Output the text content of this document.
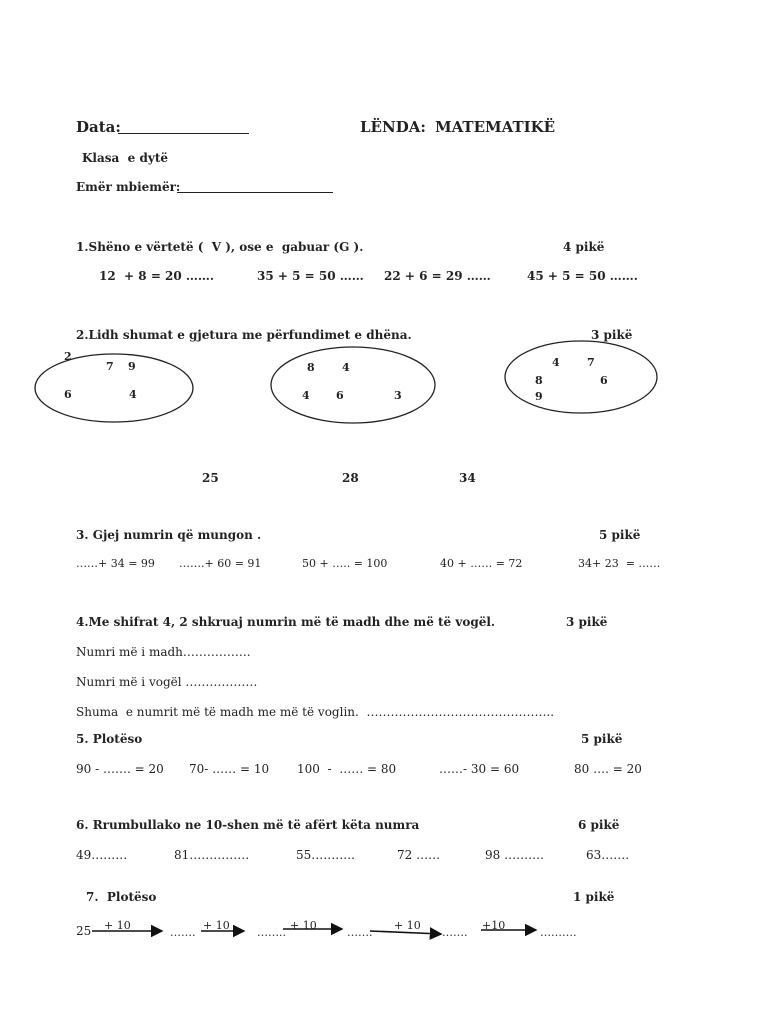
Data:	LËNDA: MATEMATIKË
Klasa  e dytë
Emër mbiemër:
1.Shëno e vërtetë (  V ), ose e  gabuar (G ).	4 pikë
12  + 8 = 20 …….	35 + 5 = 50 …… 22 + 6 = 29 ……	45 + 5 = 50 …….
2.Lidh shumat e gjetura me përfundimet e dhëna.	3 pikë
2
7 9
6	4
8 4
4 6	3
4 7
8	6
9
25	28	34
3. Gjej numrin që mungon .	5 pikë
……+ 34 = 99 …….+ 60 = 91	50 + ….. = 100	40 + …… = 72	34+ 23  = ……
4.Me shifrat 4, 2 shkruaj numrin më të madh dhe më të vogël.	3 pikë
Numri më i madh……………..
Numri më i vogël ………………
Shuma  e numrit më të madh me më të voglin.  ………………………………………..
5. Plotëso	5 pikë
90 - ……. = 20 70- …… = 10 100  -  …… = 80	……- 30 = 60	80 …. = 20
6. Rrumbullako ne 10-shen më të afërt këta numra	6 pikë
49………	81……………	55………..	72 ……	98 ……….	63…….
7.  Plotëso	1 pikë
25 + 10	+ 10	+ 10	+ 10	+10
…….	……..	…….	…….	……….
